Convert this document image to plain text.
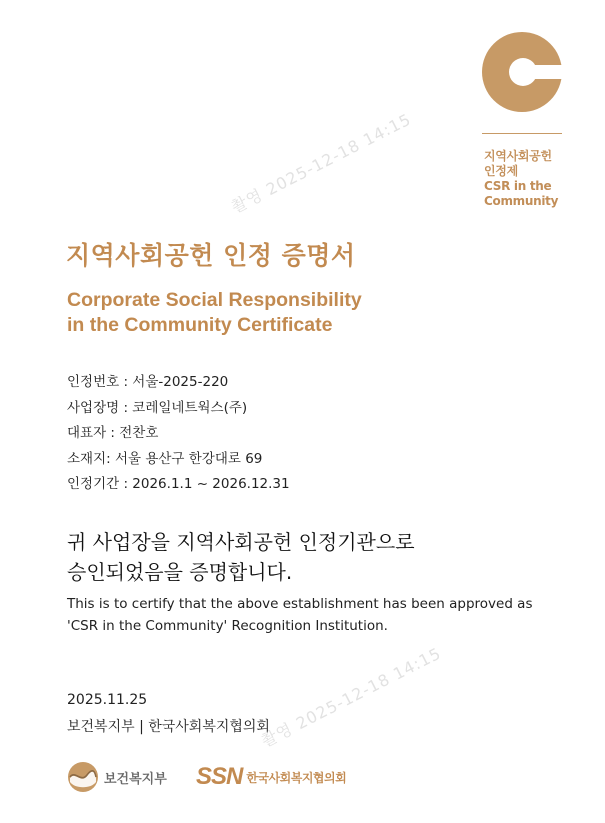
지역사회공헌
인정제
CSR in the
Community
지역사회공헌 인정 증명서
Corporate Social Responsibility
in the Community Certificate
인정번호 : 서울-2025-220
사업장명 : 코레일네트웍스(주)
대표자 : 전찬호
소재지: 서울 용산구 한강대로 69
인정기간 : 2026.1.1 ~ 2026.12.31
귀 사업장을 지역사회공헌 인정기관으로
승인되었음을 증명합니다.
This is to certify that the above establishment has been approved as
'CSR in the Community' Recognition Institution.
2025.11.25
보건복지부 | 한국사회복지협의회
보건복지부 SSN 한국사회복지협의회
촬영 2025-12-18 14:15
촬영 2025-12-18 14:15
